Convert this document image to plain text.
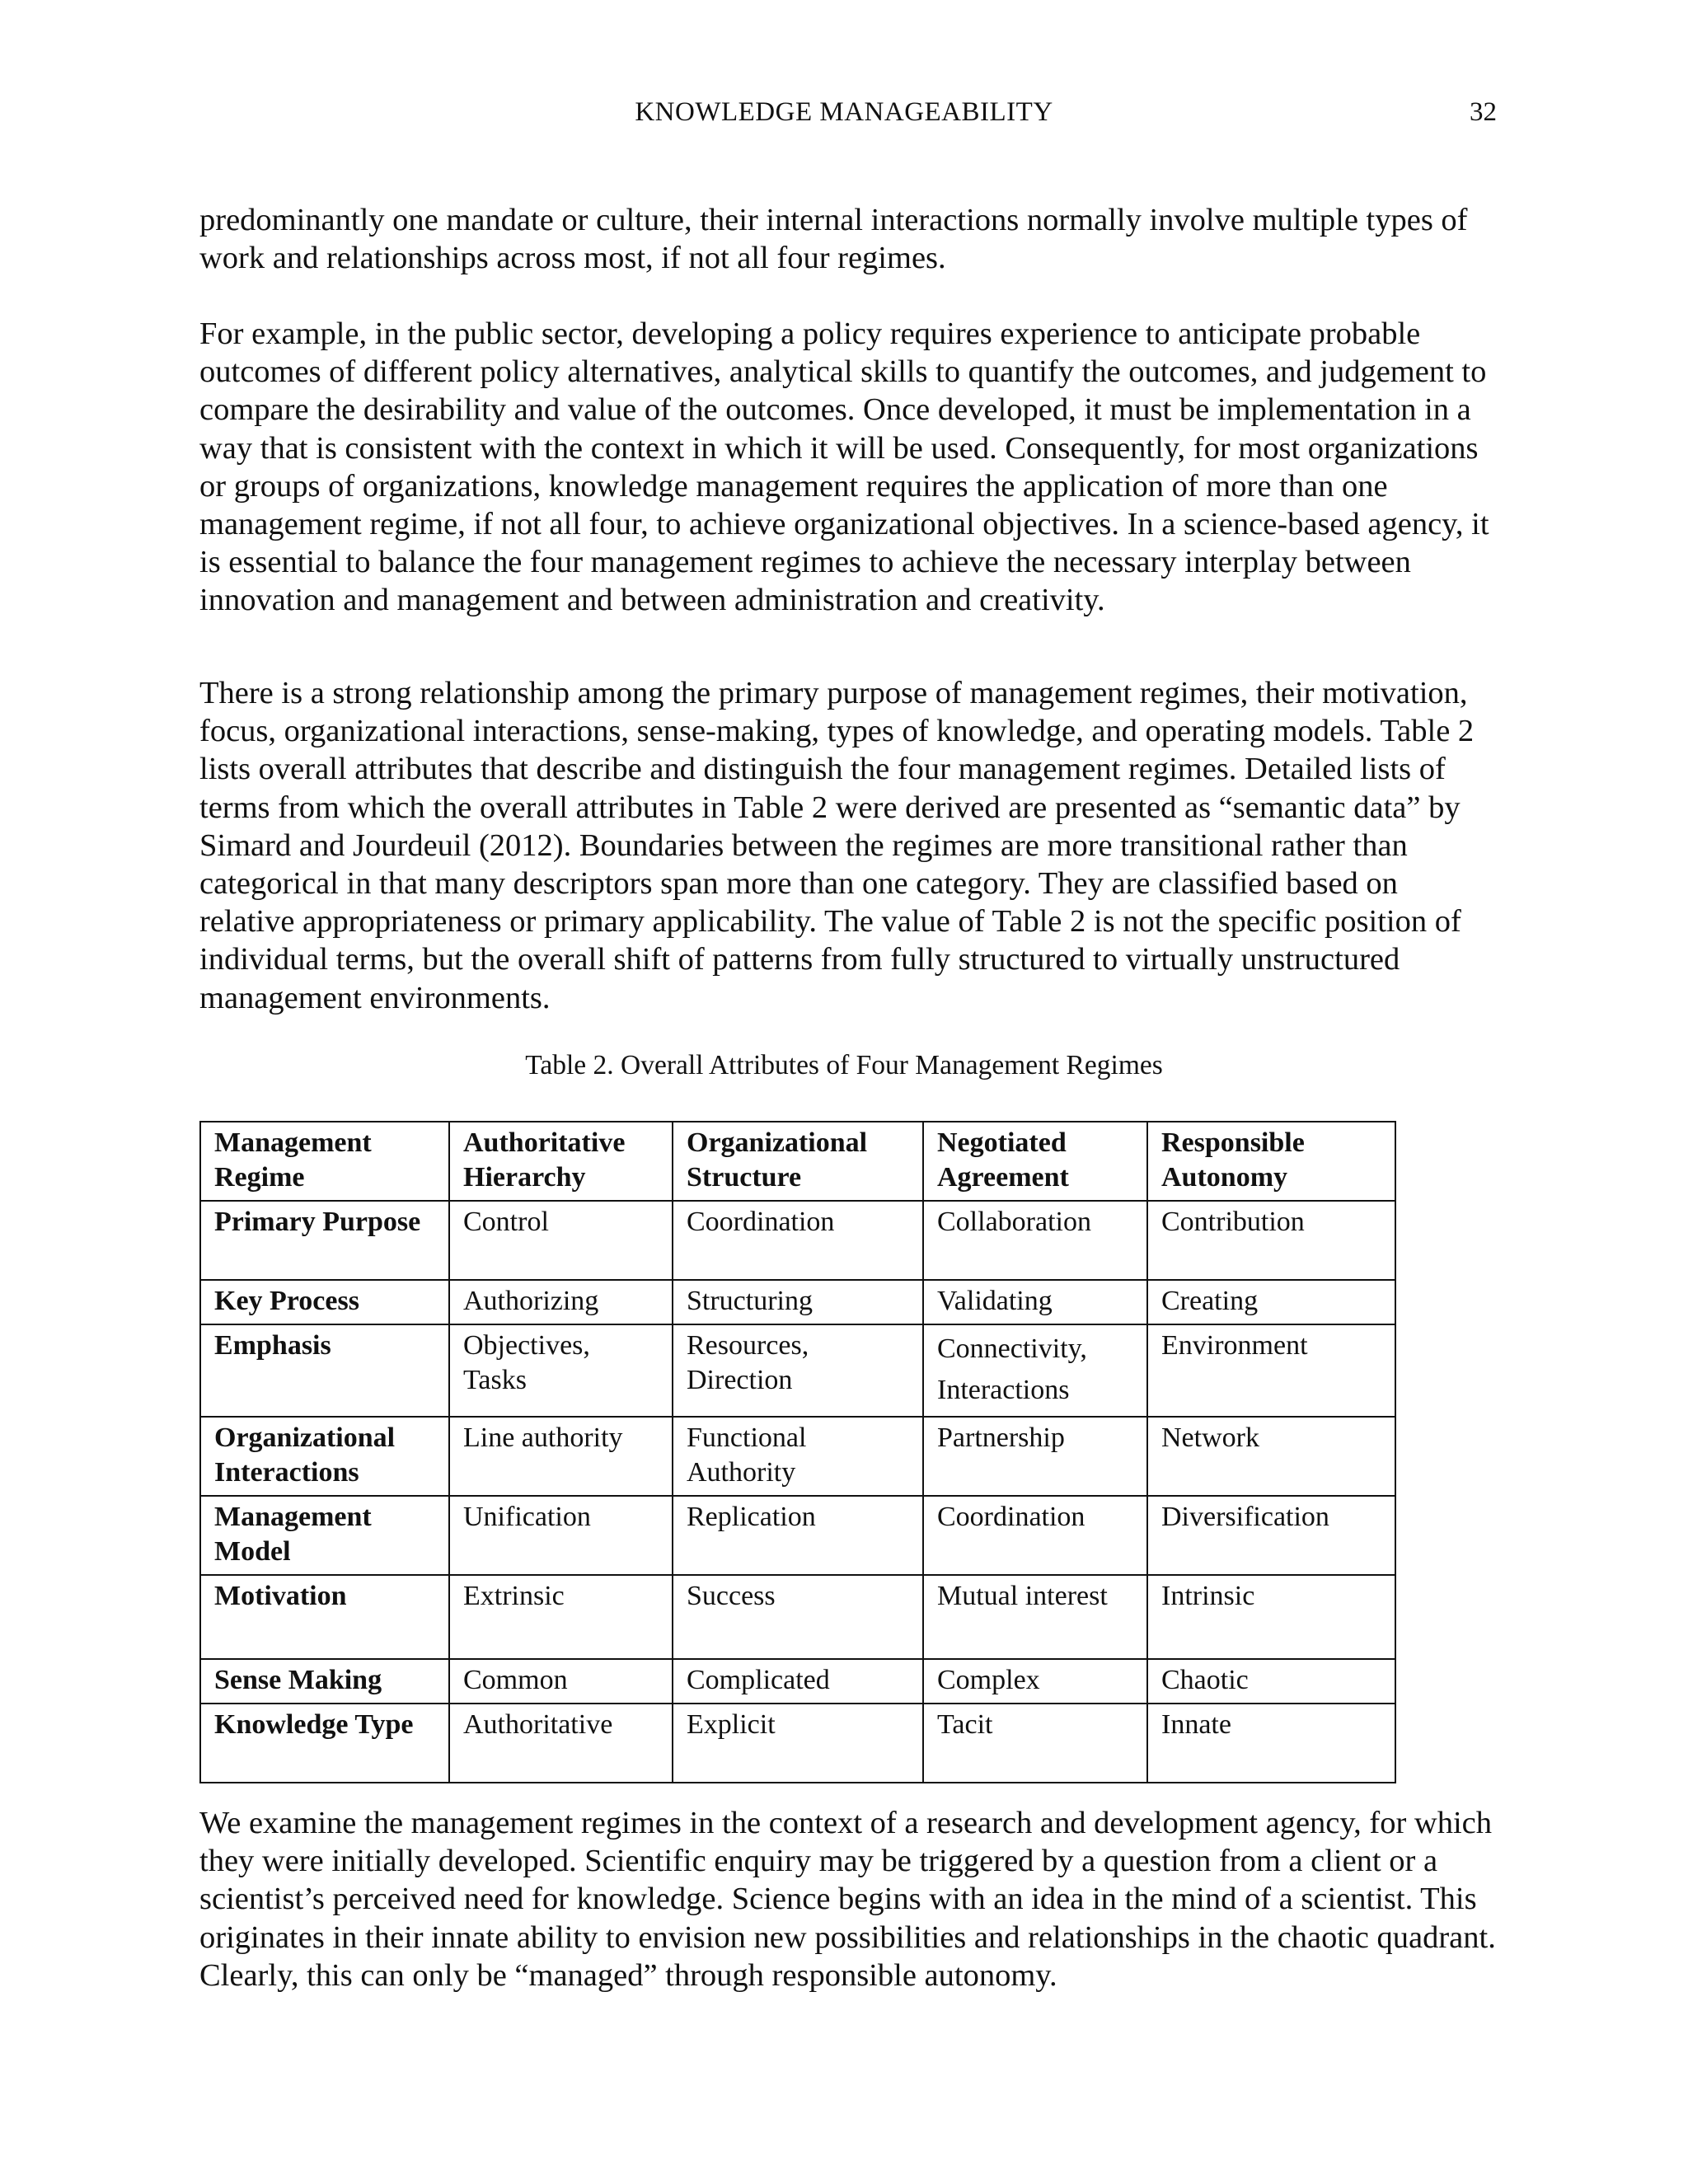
KNOWLEDGE MANAGEABILITY	32

predominantly one mandate or culture, their internal interactions normally involve multiple types of work and relationships across most, if not all four regimes.

For example, in the public sector, developing a policy requires experience to anticipate probable outcomes of different policy alternatives, analytical skills to quantify the outcomes, and judgement to compare the desirability and value of the outcomes. Once developed, it must be implementation in a way that is consistent with the context in which it will be used. Consequently, for most organizations or groups of organizations, knowledge management requires the application of more than one management regime, if not all four, to achieve organizational objectives. In a science-based agency, it is essential to balance the four management regimes to achieve the necessary interplay between innovation and management and between administration and creativity.

There is a strong relationship among the primary purpose of management regimes, their motivation, focus, organizational interactions, sense-making, types of knowledge, and operating models. Table 2 lists overall attributes that describe and distinguish the four management regimes. Detailed lists of terms from which the overall attributes in Table 2 were derived are presented as “semantic data” by Simard and Jourdeuil (2012). Boundaries between the regimes are more transitional rather than categorical in that many descriptors span more than one category. They are classified based on relative appropriateness or primary applicability. The value of Table 2 is not the specific position of individual terms, but the overall shift of patterns from fully structured to virtually unstructured management environments.

Table 2. Overall Attributes of Four Management Regimes
Management Regime	Authoritative Hierarchy	Organizational Structure	Negotiated Agreement	Responsible Autonomy
Primary Purpose	Control	Coordination	Collaboration	Contribution
Key Process	Authorizing	Structuring	Validating	Creating
Emphasis	Objectives, Tasks	Resources, Direction	Connectivity, Interactions	Environment
Organizational Interactions	Line authority	Functional Authority	Partnership	Network
Management Model	Unification	Replication	Coordination	Diversification
Motivation	Extrinsic	Success	Mutual interest	Intrinsic
Sense Making	Common	Complicated	Complex	Chaotic
Knowledge Type	Authoritative	Explicit	Tacit	Innate

We examine the management regimes in the context of a research and development agency, for which they were initially developed. Scientific enquiry may be triggered by a question from a client or a scientist’s perceived need for knowledge. Science begins with an idea in the mind of a scientist. This originates in their innate ability to envision new possibilities and relationships in the chaotic quadrant. Clearly, this can only be “managed” through responsible autonomy.
